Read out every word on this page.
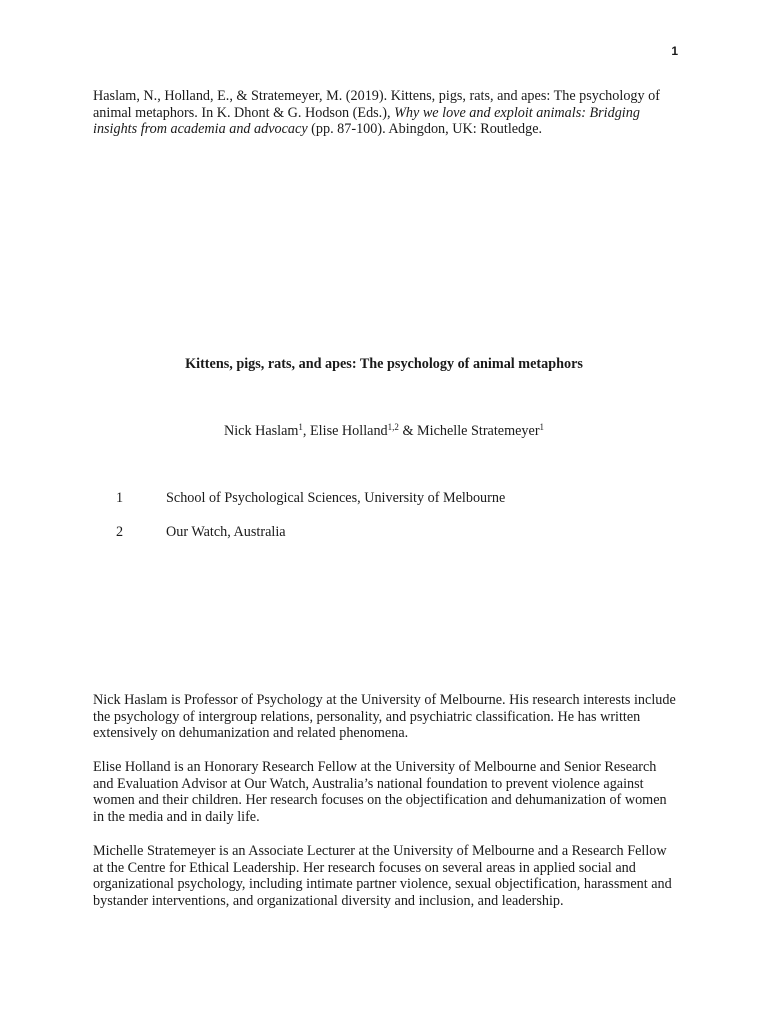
1

Haslam, N., Holland, E., & Stratemeyer, M. (2019). Kittens, pigs, rats, and apes: The psychology of animal metaphors. In K. Dhont & G. Hodson (Eds.), Why we love and exploit animals: Bridging insights from academia and advocacy (pp. 87-100). Abingdon, UK: Routledge.

Kittens, pigs, rats, and apes: The psychology of animal metaphors

Nick Haslam$^1$, Elise Holland$^{1,2}$ & Michelle Stratemeyer$^1$

1	School of Psychological Sciences, University of Melbourne
2	Our Watch, Australia

Nick Haslam is Professor of Psychology at the University of Melbourne. His research interests include the psychology of intergroup relations, personality, and psychiatric classification. He has written extensively on dehumanization and related phenomena.

Elise Holland is an Honorary Research Fellow at the University of Melbourne and Senior Research and Evaluation Advisor at Our Watch, Australia’s national foundation to prevent violence against women and their children. Her research focuses on the objectification and dehumanization of women in the media and in daily life.

Michelle Stratemeyer is an Associate Lecturer at the University of Melbourne and a Research Fellow at the Centre for Ethical Leadership. Her research focuses on several areas in applied social and organizational psychology, including intimate partner violence, sexual objectification, harassment and bystander interventions, and organizational diversity and inclusion, and leadership.
